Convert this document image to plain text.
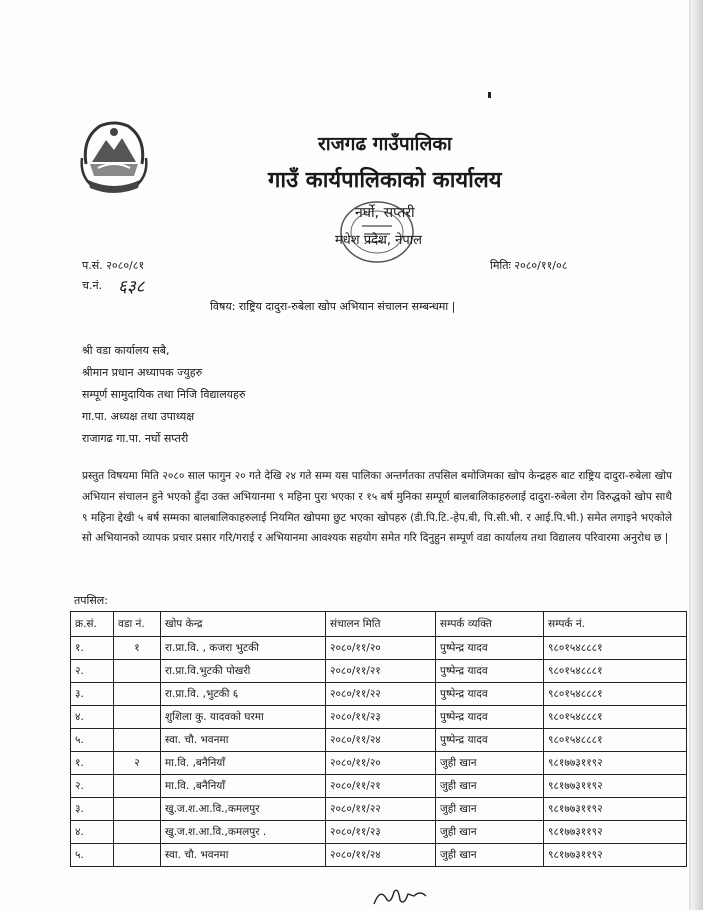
राजगढ गाउँपालिका
गाउँ कार्यपालिकाको कार्यालय
नर्घो, सप्तरी
मधेश प्रदेश, नेपाल
प.सं. २०८०/८१
च.नं. ६३८
मितिः २०८०/११/०८
विषय: राष्ट्रिय दादुरा-रुबेला खोप अभियान संचालन सम्बन्धमा |
श्री वडा कार्यालय सबै,
श्रीमान प्रधान अध्यापक ज्युहरु
सम्पूर्ण सामुदायिक तथा निजि विद्यालयहरु
गा.पा. अध्यक्ष तथा उपाध्यक्ष
राजागढ गा.पा. नर्घो सप्तरी
प्रस्तुत विषयमा मिति २०८० साल फागुन २० गते देखि २४ गते सम्म यस पालिका अन्तर्गतका तपसिल बमोजिमका खोप केन्द्रहरु बाट राष्ट्रिय दादुरा-रुबेला खोप अभियान संचालन हुने भएको हुँदा उक्त अभियानमा ९ महिना पुरा भएका र १५ बर्ष मुनिका सम्पूर्ण बालबालिकाहरुलाई दादुरा-रुबेला रोग विरुद्धको खोप साथै ९ महिना द्देखी ५ बर्ष सम्मका बालबालिकाहरुलाई नियमित खोपमा छुट भएका खोपहरु (डी.पि.टि.-हेप.बी, पि.सी.भी. र आई.पि.भी.) समेत लगाइने भएकोले सो अभियानको व्यापक प्रचार प्रसार गरि/गराई र अभियानमा आवश्यक सहयोग समेत गरि दिनुहुन सम्पूर्ण वडा कार्यालय तथा विद्यालय परिवारमा अनुरोध छ |
तपसिल:
क्र.सं.	वडा नं.	खोप केन्द्र	संचालन मिति	सम्पर्क व्यक्ति	सम्पर्क नं.
१.	१	रा.प्रा.वि. , कजरा भुटकी	२०८०/११/२०	पुष्पेन्द्र यादव	९८०१५४८८८१
२.		रा.प्रा.वि.भुटकी पोखरी	२०८०/११/२१	पुष्पेन्द्र यादव	९८०१५४८८८१
३.		रा.प्रा.वि. ,भुटकी ६	२०८०/११/२२	पुष्पेन्द्र यादव	९८०१५४८८८१
४.		शुशिला कु. यादवको घरमा	२०८०/११/२३	पुष्पेन्द्र यादव	९८०१५४८८८१
५.		स्वा. चौ. भवनमा	२०८०/११/२४	पुष्पेन्द्र यादव	९८०१५४८८८१
१.	२	मा.वि. ,बनैनियाँ	२०८०/११/२०	जुही खान	९८१७७३११९२
२.		मा.वि. ,बनैनियाँ	२०८०/११/२१	जुही खान	९८१७७३११९२
३.		खु.ज.श.आ.वि.,कमलपुर	२०८०/११/२२	जुही खान	९८१७७३११९२
४.		खु.ज.श.आ.वि.,कमलपुर .	२०८०/११/२३	जुही खान	९८१७७३११९२
५.		स्वा. चौ. भवनमा	२०८०/११/२४	जुही खान	९८१७७३११९२
